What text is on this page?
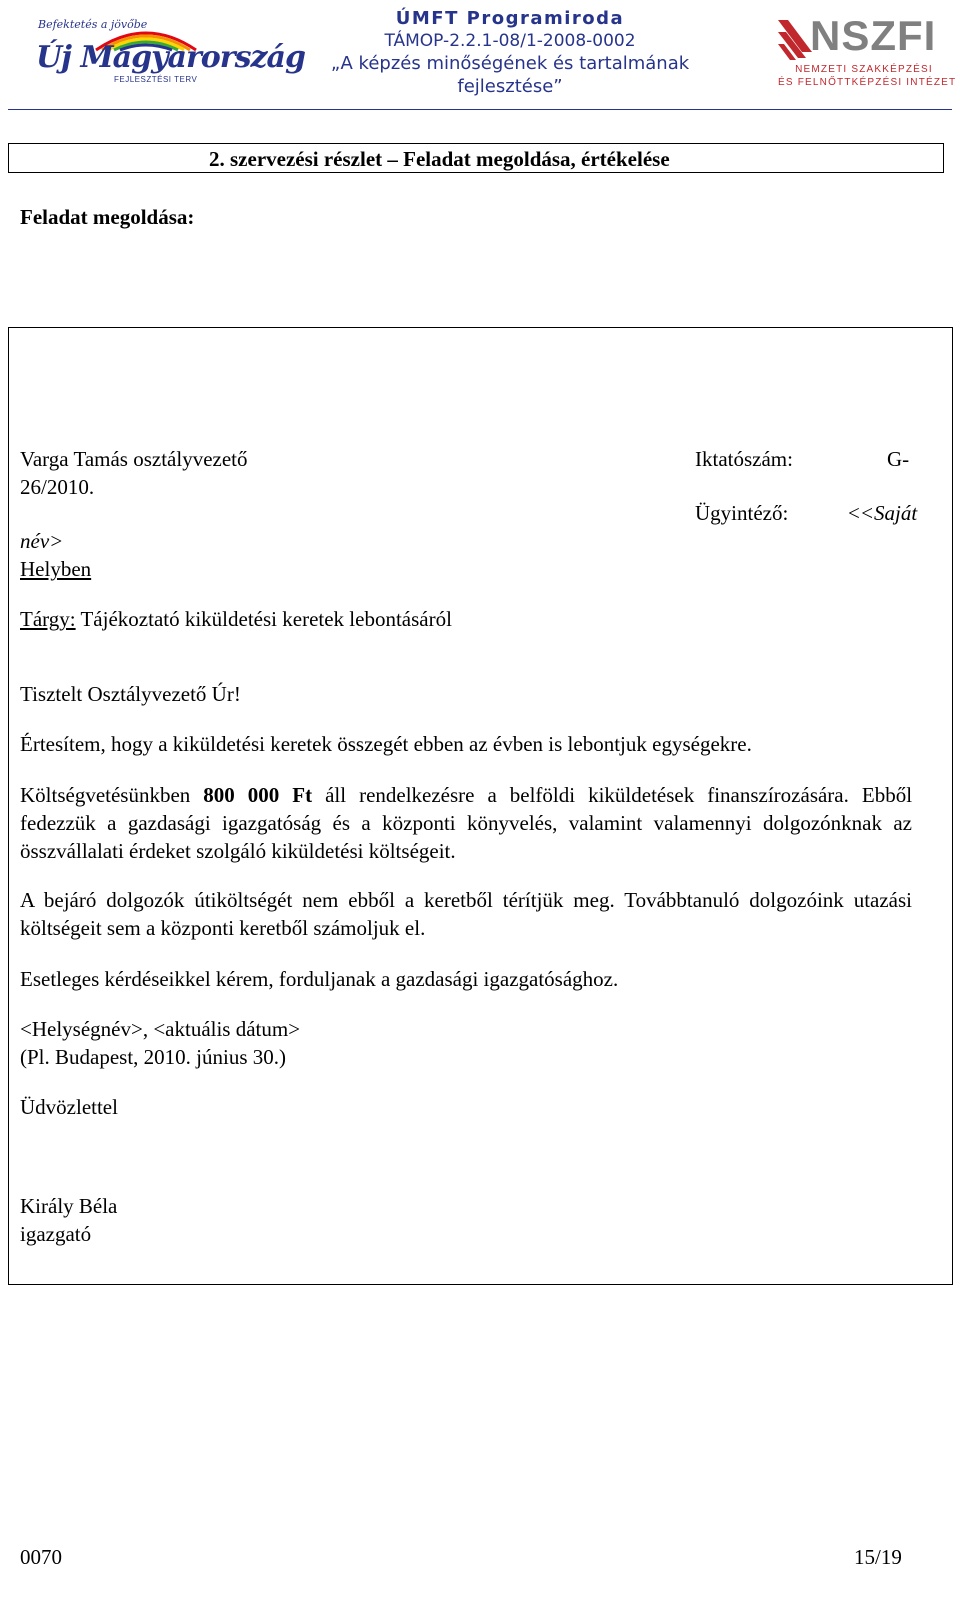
Befektetés a jövőbe
Új Magyarország
FEJLESZTÉSI TERV
ÚMFT Programiroda
TÁMOP-2.2.1-08/1-2008-0002
„A képzés minőségének és tartalmának
fejlesztése”
NSZFI
NEMZETI SZAKKÉPZÉSI
ÉS FELNŐTTKÉPZÉSI INTÉZET
2. szervezési részlet – Feladat megoldása, értékelése
Feladat megoldása:
Varga Tamás osztályvezető	Iktatószám:	G-
26/2010.
Ügyintéző:	<<Saját
név>
Helyben
Tárgy: Tájékoztató kiküldetési keretek lebontásáról
Tisztelt Osztályvezető Úr!
Értesítem, hogy a kiküldetési keretek összegét ebben az évben is lebontjuk egységekre.
Költségvetésünkben 800 000 Ft áll rendelkezésre a belföldi kiküldetések finanszírozására. Ebből fedezzük a gazdasági igazgatóság és a központi könyvelés, valamint valamennyi dolgozónknak az összvállalati érdeket szolgáló kiküldetési költségeit.
A bejáró dolgozók útiköltségét nem ebből a keretből térítjük meg. Továbbtanuló dolgozóink utazási költségeit sem a központi keretből számoljuk el.
Esetleges kérdéseikkel kérem, forduljanak a gazdasági igazgatósághoz.
<Helységnév>, <aktuális dátum>
(Pl. Budapest, 2010. június 30.)
Üdvözlettel
Király Béla
igazgató
0070	15/19
